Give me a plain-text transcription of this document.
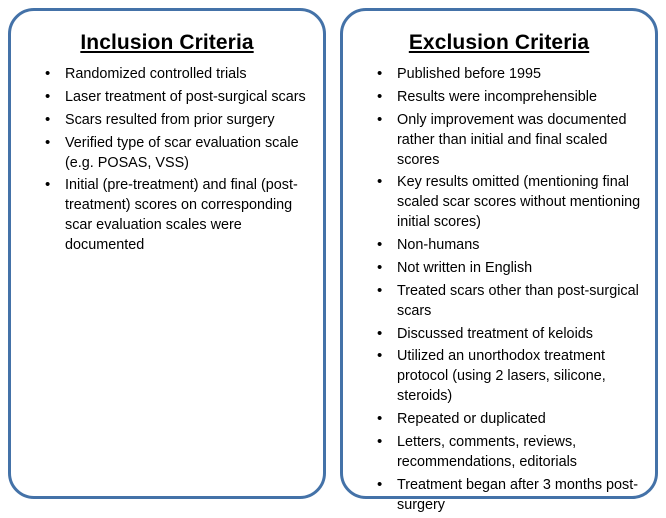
Inclusion Criteria
• Randomized controlled trials
• Laser treatment of post-surgical scars
• Scars resulted from prior surgery
• Verified type of scar evaluation scale (e.g. POSAS, VSS)
• Initial (pre-treatment) and final (post-treatment) scores on corresponding scar evaluation scales were documented
Exclusion Criteria
• Published before 1995
• Results were incomprehensible
• Only improvement was documented rather than initial and final scaled scores
• Key results omitted (mentioning final scaled scar scores without mentioning initial scores)
• Non-humans
• Not written in English
• Treated scars other than post-surgical scars
• Discussed treatment of keloids
• Utilized an unorthodox treatment protocol (using 2 lasers, silicone, steroids)
• Repeated or duplicated
• Letters, comments, reviews, recommendations, editorials
• Treatment began after 3 months post-surgery
